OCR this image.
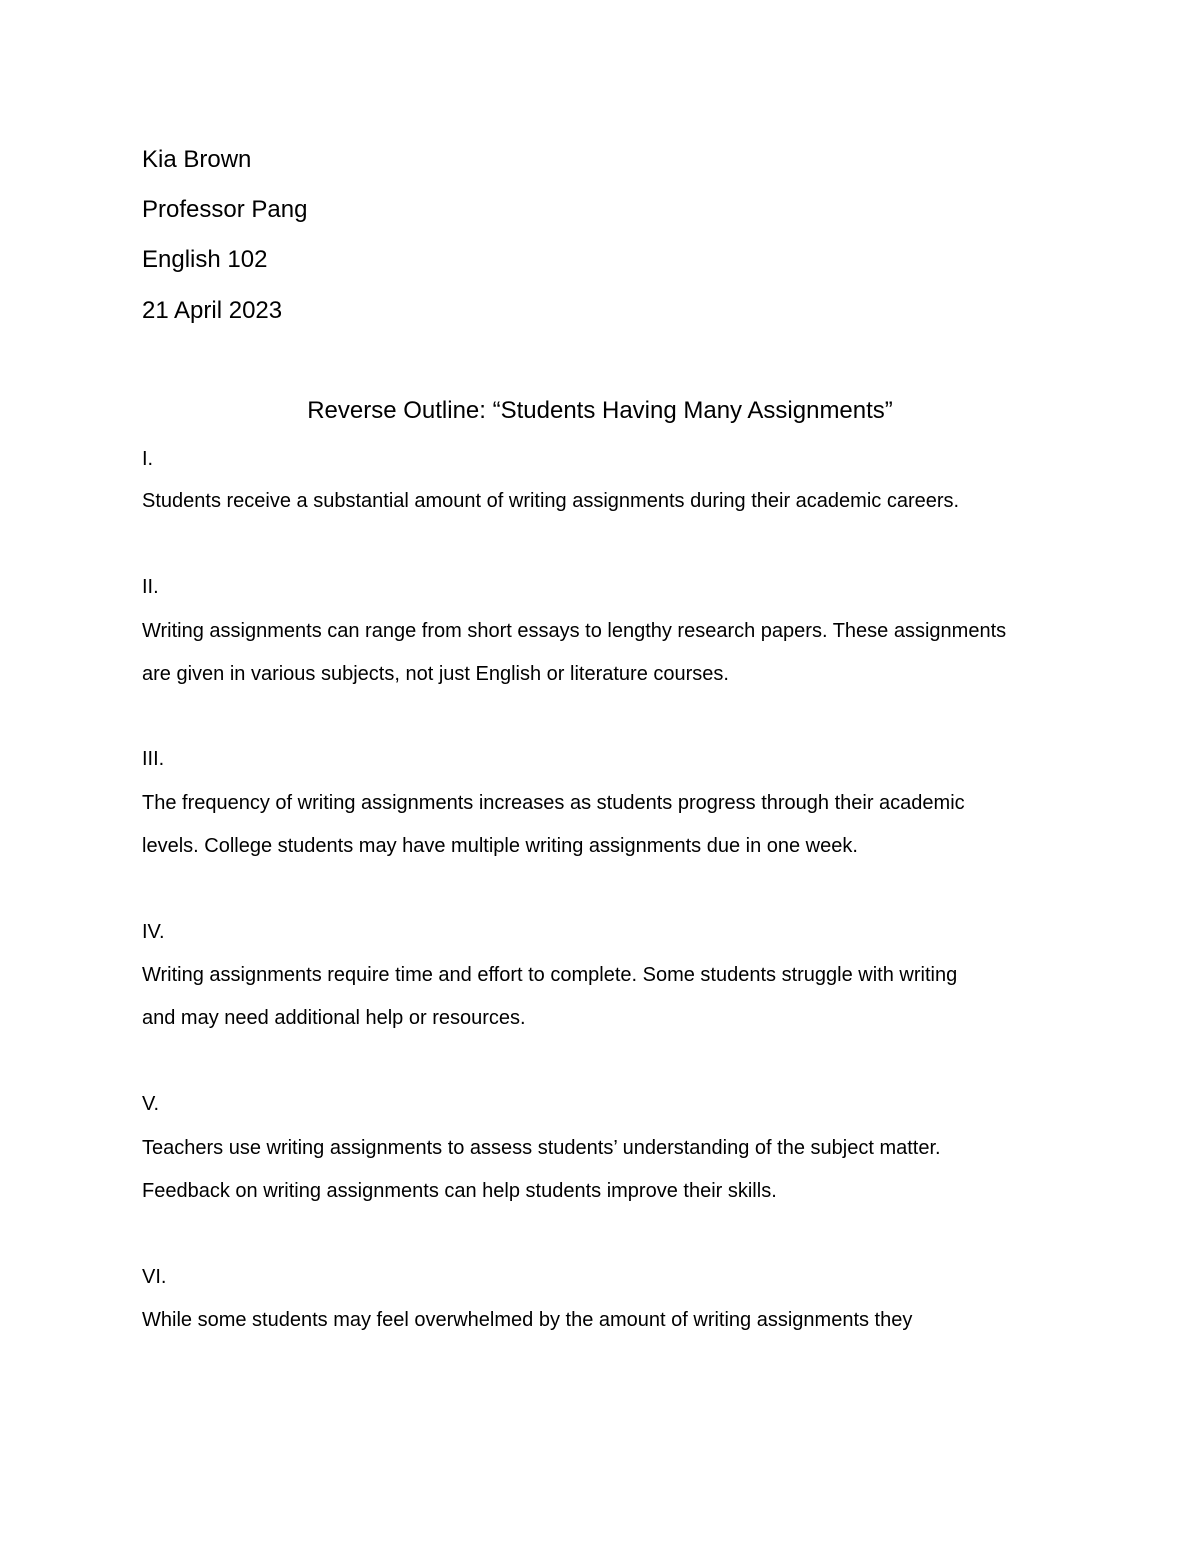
Kia Brown
Professor Pang
English 102
21 April 2023
Reverse Outline: “Students Having Many Assignments”
I.
Students receive a substantial amount of writing assignments during their academic careers.
II.
Writing assignments can range from short essays to lengthy research papers. These assignments
are given in various subjects, not just English or literature courses.
III.
The frequency of writing assignments increases as students progress through their academic
levels. College students may have multiple writing assignments due in one week.
IV.
Writing assignments require time and effort to complete. Some students struggle with writing
and may need additional help or resources.
V.
Teachers use writing assignments to assess students’ understanding of the subject matter.
Feedback on writing assignments can help students improve their skills.
VI.
While some students may feel overwhelmed by the amount of writing assignments they
